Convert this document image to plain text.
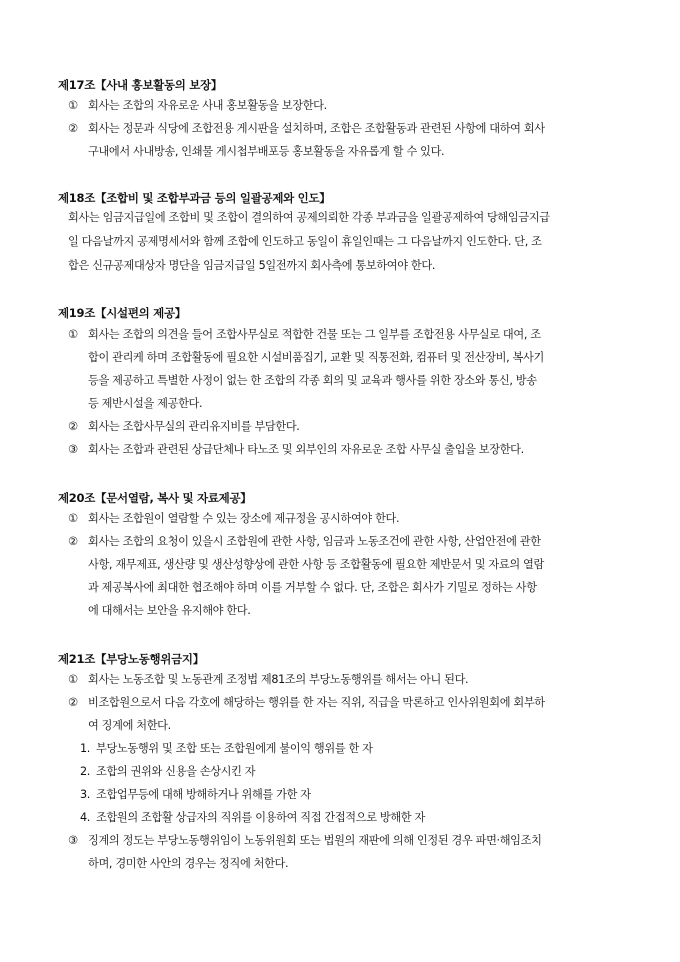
제17조【사내 홍보활동의 보장】
① 회사는 조합의 자유로운 사내 홍보활동을 보장한다.
② 회사는 정문과 식당에 조합전용 게시판을 설치하며, 조합은 조합활동과 관련된 사항에 대하여 회사
구내에서 사내방송, 인쇄물 게시첩부배포등 홍보활동을 자유롭게 할 수 있다.
제18조【조합비 및 조합부과금 등의 일괄공제와 인도】
회사는 임금지급일에 조합비 및 조합이 결의하여 공제의뢰한 각종 부과금을 일괄공제하여 당해임금지급
일 다음날까지 공제명세서와 함께 조합에 인도하고 동일이 휴일인때는 그 다음날까지 인도한다. 단, 조
합은 신규공제대상자 명단을 임금지급일 5일전까지 회사측에 통보하여야 한다.
제19조【시설편의 제공】
① 회사는 조합의 의견을 들어 조합사무실로 적합한 건물 또는 그 일부를 조합전용 사무실로 대여, 조
합이 관리케 하며 조합활동에 필요한 시설비품집기, 교환 및 직통전화, 컴퓨터 및 전산장비, 복사기
등을 제공하고 특별한 사정이 없는 한 조합의 각종 회의 및 교육과 행사를 위한 장소와 통신, 방송
등 제반시설을 제공한다.
② 회사는 조합사무실의 관리유지비를 부담한다.
③ 회사는 조합과 관련된 상급단체나 타노조 및 외부인의 자유로운 조합 사무실 출입을 보장한다.
제20조【문서열람, 복사 및 자료제공】
① 회사는 조합원이 열람할 수 있는 장소에 제규정을 공시하여야 한다.
② 회사는 조합의 요청이 있을시 조합원에 관한 사항, 임금과 노동조건에 관한 사항, 산업안전에 관한
사항, 재무제표, 생산량 및 생산성향상에 관한 사항 등 조합활동에 필요한 제반문서 및 자료의 열람
과 제공복사에 최대한 협조해야 하며 이를 거부할 수 없다. 단, 조합은 회사가 기밀로 정하는 사항
에 대해서는 보안을 유지해야 한다.
제21조【부당노동행위금지】
① 회사는 노동조합 및 노동관계 조정법 제81조의 부당노동행위를 해서는 아니 된다.
② 비조합원으로서 다음 각호에 해당하는 행위를 한 자는 직위, 직급을 막론하고 인사위원회에 회부하
여 징계에 처한다.
1. 부당노동행위 및 조합 또는 조합원에게 불이익 행위를 한 자
2. 조합의 권위와 신용을 손상시킨 자
3. 조합업무등에 대해 방해하거나 위해를 가한 자
4. 조합원의 조합활 상급자의 직위를 이용하여 직접 간접적으로 방해한 자
③ 징계의 정도는 부당노동행위임이 노동위원회 또는 법원의 재판에 의해 인정된 경우 파면·해임조치
하며, 경미한 사안의 경우는 정직에 처한다.
